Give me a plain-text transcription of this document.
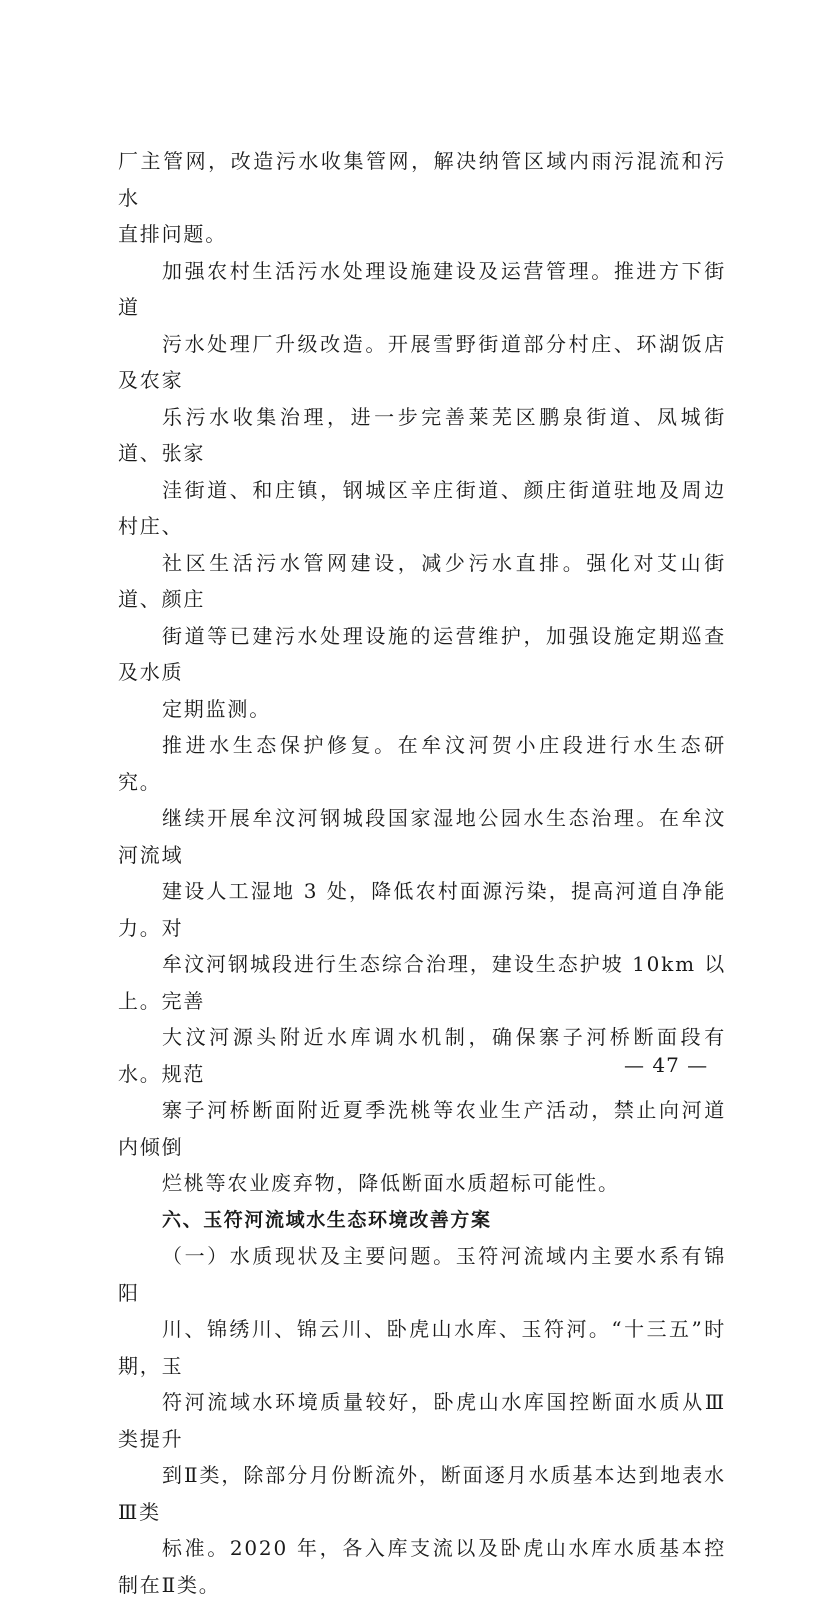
厂主管网，改造污水收集管网，解决纳管区域内雨污混流和污水
直排问题。

加强农村生活污水处理设施建设及运营管理。推进方下街道
污水处理厂升级改造。开展雪野街道部分村庄、环湖饭店及农家
乐污水收集治理，进一步完善莱芜区鹏泉街道、凤城街道、张家
洼街道、和庄镇，钢城区辛庄街道、颜庄街道驻地及周边村庄、
社区生活污水管网建设，减少污水直排。强化对艾山街道、颜庄
街道等已建污水处理设施的运营维护，加强设施定期巡查及水质
定期监测。

推进水生态保护修复。在牟汶河贺小庄段进行水生态研究。
继续开展牟汶河钢城段国家湿地公园水生态治理。在牟汶河流域
建设人工湿地 3 处，降低农村面源污染，提高河道自净能力。对
牟汶河钢城段进行生态综合治理，建设生态护坡 10km 以上。完善
大汶河源头附近水库调水机制，确保寨子河桥断面段有水。规范
寨子河桥断面附近夏季洗桃等农业生产活动，禁止向河道内倾倒
烂桃等农业废弃物，降低断面水质超标可能性。

六、玉符河流域水生态环境改善方案

（一）水质现状及主要问题。玉符河流域内主要水系有锦阳
川、锦绣川、锦云川、卧虎山水库、玉符河。“十三五”时期，玉
符河流域水环境质量较好，卧虎山水库国控断面水质从Ⅲ类提升
到Ⅱ类，除部分月份断流外，断面逐月水质基本达到地表水Ⅲ类
标准。2020 年，各入库支流以及卧虎山水库水质基本控制在Ⅱ类。

— 47 —
